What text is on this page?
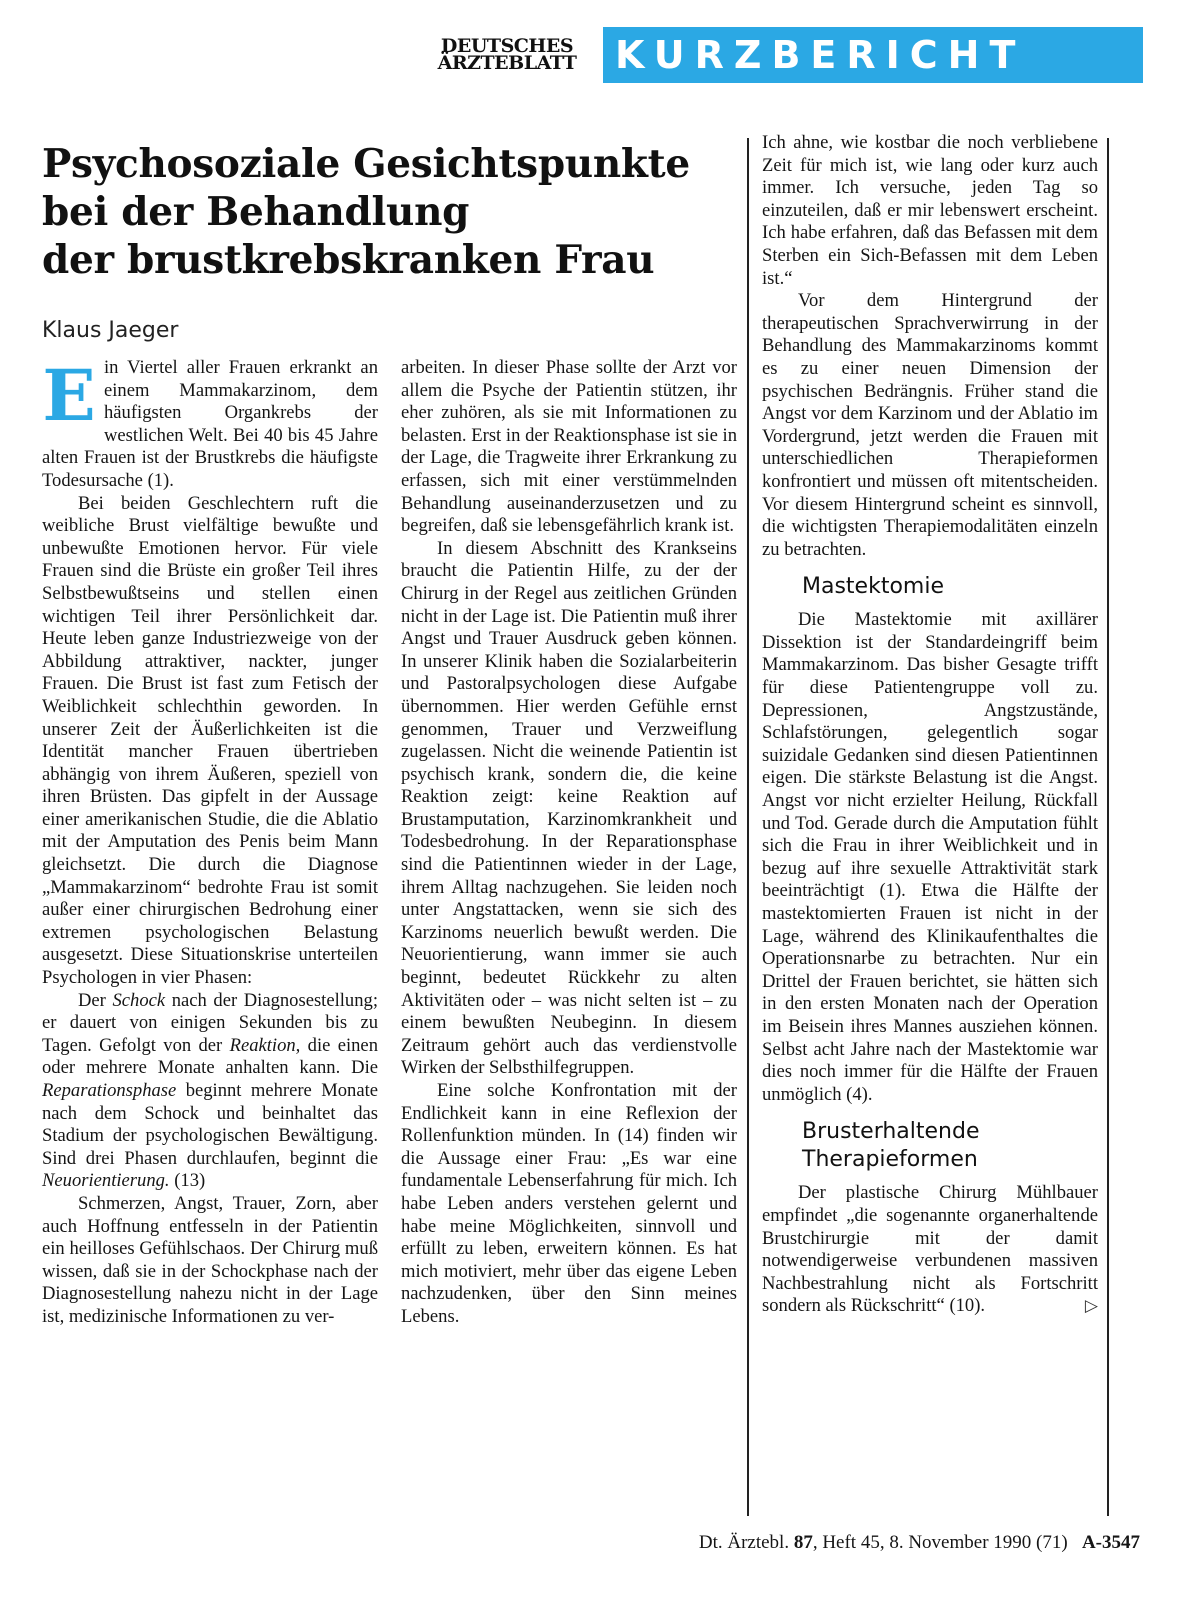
DEUTSCHES
ÄRZTEBLATT	KURZBERICHT
Psychosoziale Gesichtspunkte
bei der Behandlung
der brustkrebskranken Frau
Klaus Jaeger

Ein Viertel aller Frauen erkrankt an einem Mammakarzinom, dem häufigsten Organkrebs der westlichen Welt. Bei 40 bis 45 Jahre alten Frauen ist der Brustkrebs die häufigste Todesursache (1).

Bei beiden Geschlechtern ruft die weibliche Brust vielfältige bewußte und unbewußte Emotionen hervor. Für viele Frauen sind die Brüste ein großer Teil ihres Selbstbewußtseins und stellen einen wichtigen Teil ihrer Persönlichkeit dar. Heute leben ganze Industriezweige von der Abbildung attraktiver, nackter, junger Frauen. Die Brust ist fast zum Fetisch der Weiblichkeit schlechthin geworden. In unserer Zeit der Äußerlichkeiten ist die Identität mancher Frauen übertrieben abhängig von ihrem Äußeren, speziell von ihren Brüsten. Das gipfelt in der Aussage einer amerikanischen Studie, die die Ablatio mit der Amputation des Penis beim Mann gleichsetzt. Die durch die Diagnose „Mammakarzinom“ bedrohte Frau ist somit außer einer chirurgischen Bedrohung einer extremen psychologischen Belastung ausgesetzt. Diese Situationskrise unterteilen Psychologen in vier Phasen:

Der Schock nach der Diagnosestellung; er dauert von einigen Sekunden bis zu Tagen. Gefolgt von der Reaktion, die einen oder mehrere Monate anhalten kann. Die Reparationsphase beginnt mehrere Monate nach dem Schock und beinhaltet das Stadium der psychologischen Bewältigung. Sind drei Phasen durchlaufen, beginnt die Neuorientierung. (13)

Schmerzen, Angst, Trauer, Zorn, aber auch Hoffnung entfesseln in der Patientin ein heilloses Gefühlschaos. Der Chirurg muß wissen, daß sie in der Schockphase nach der Diagnosestellung nahezu nicht in der Lage ist, medizinische Informationen zu ver-

arbeiten. In dieser Phase sollte der Arzt vor allem die Psyche der Patientin stützen, ihr eher zuhören, als sie mit Informationen zu belasten. Erst in der Reaktionsphase ist sie in der Lage, die Tragweite ihrer Erkrankung zu erfassen, sich mit einer verstümmelnden Behandlung auseinanderzusetzen und zu begreifen, daß sie lebensgefährlich krank ist.

In diesem Abschnitt des Krankseins braucht die Patientin Hilfe, zu der der Chirurg in der Regel aus zeitlichen Gründen nicht in der Lage ist. Die Patientin muß ihrer Angst und Trauer Ausdruck geben können. In unserer Klinik haben die Sozialarbeiterin und Pastoralpsychologen diese Aufgabe übernommen. Hier werden Gefühle ernst genommen, Trauer und Verzweiflung zugelassen. Nicht die weinende Patientin ist psychisch krank, sondern die, die keine Reaktion zeigt: keine Reaktion auf Brustamputation, Karzinomkrankheit und Todesbedrohung. In der Reparationsphase sind die Patientinnen wieder in der Lage, ihrem Alltag nachzugehen. Sie leiden noch unter Angstattacken, wenn sie sich des Karzinoms neuerlich bewußt werden. Die Neuorientierung, wann immer sie auch beginnt, bedeutet Rückkehr zu alten Aktivitäten oder – was nicht selten ist – zu einem bewußten Neubeginn. In diesem Zeitraum gehört auch das verdienstvolle Wirken der Selbsthilfegruppen.

Eine solche Konfrontation mit der Endlichkeit kann in eine Reflexion der Rollenfunktion münden. In (14) finden wir die Aussage einer Frau: „Es war eine fundamentale Lebenserfahrung für mich. Ich habe Leben anders verstehen gelernt und habe meine Möglichkeiten, sinnvoll und erfüllt zu leben, erweitern können. Es hat mich motiviert, mehr über das eigene Leben nachzudenken, über den Sinn meines Lebens.

Ich ahne, wie kostbar die noch verbliebene Zeit für mich ist, wie lang oder kurz auch immer. Ich versuche, jeden Tag so einzuteilen, daß er mir lebenswert erscheint. Ich habe erfahren, daß das Befassen mit dem Sterben ein Sich-Befassen mit dem Leben ist.“

Vor dem Hintergrund der therapeutischen Sprachverwirrung in der Behandlung des Mammakarzinoms kommt es zu einer neuen Dimension der psychischen Bedrängnis. Früher stand die Angst vor dem Karzinom und der Ablatio im Vordergrund, jetzt werden die Frauen mit unterschiedlichen Therapieformen konfrontiert und müssen oft mitentscheiden. Vor diesem Hintergrund scheint es sinnvoll, die wichtigsten Therapiemodalitäten einzeln zu betrachten.

Mastektomie

Die Mastektomie mit axillärer Dissektion ist der Standardeingriff beim Mammakarzinom. Das bisher Gesagte trifft für diese Patientengruppe voll zu. Depressionen, Angstzustände, Schlafstörungen, gelegentlich sogar suizidale Gedanken sind diesen Patientinnen eigen. Die stärkste Belastung ist die Angst. Angst vor nicht erzielter Heilung, Rückfall und Tod. Gerade durch die Amputation fühlt sich die Frau in ihrer Weiblichkeit und in bezug auf ihre sexuelle Attraktivität stark beeinträchtigt (1). Etwa die Hälfte der mastektomierten Frauen ist nicht in der Lage, während des Klinikaufenthaltes die Operationsnarbe zu betrachten. Nur ein Drittel der Frauen berichtet, sie hätten sich in den ersten Monaten nach der Operation im Beisein ihres Mannes ausziehen können. Selbst acht Jahre nach der Mastektomie war dies noch immer für die Hälfte der Frauen unmöglich (4).

Brusterhaltende
Therapieformen

Der plastische Chirurg Mühlbauer empfindet „die sogenannte organerhaltende Brustchirurgie mit der damit notwendigerweise verbundenen massiven Nachbestrahlung nicht als Fortschritt sondern als Rückschritt“ (10).	▷

Dt. Ärztebl. 87, Heft 45, 8. November 1990 (71) A-3547
